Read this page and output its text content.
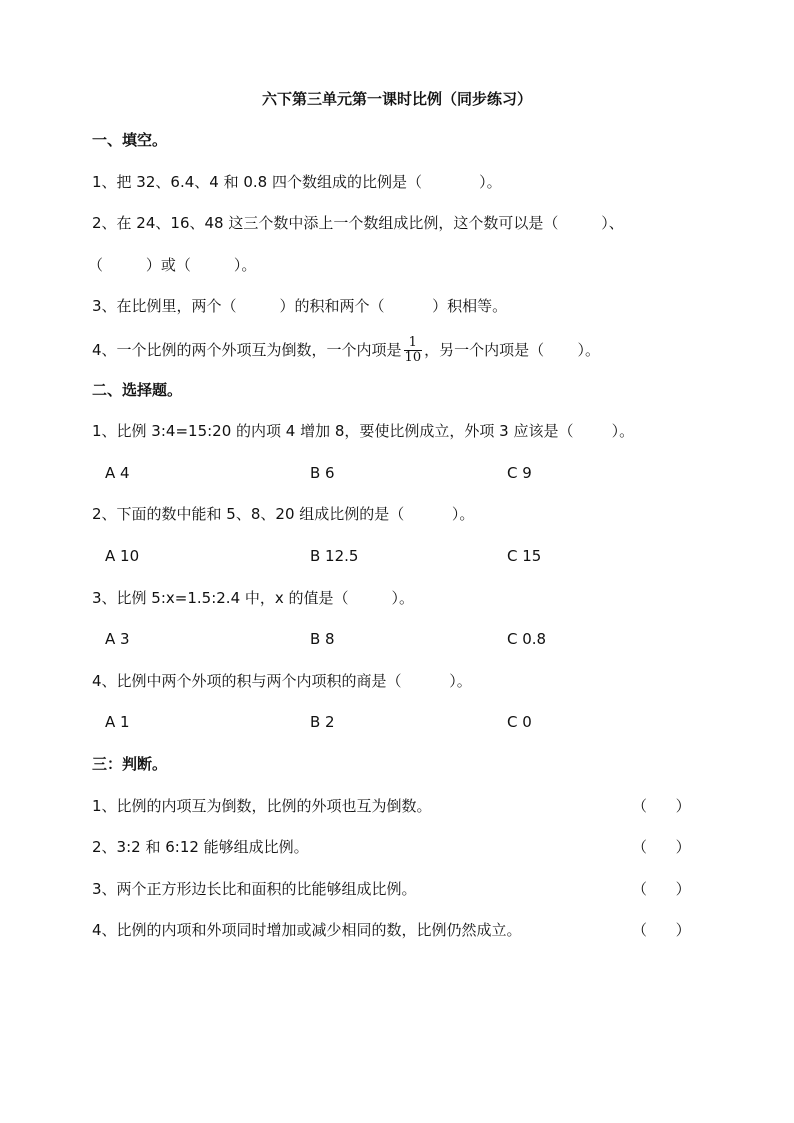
六下第三单元第一课时比例（同步练习）
一、填空。
1、把 32、6.4、4 和 0.8 四个数组成的比例是（            ）。
2、在 24、16、48 这三个数中添上一个数组成比例，这个数可以是（         ）、
（         ）或（         ）。
3、在比例里，两个（         ）的积和两个（          ）积相等。
4、一个比例的两个外项互为倒数，一个内项是 $\frac{1}{10}$ ，另一个内项是（       ）。
二、选择题。
1、比例 3:4=15:20 的内项 4 增加 8，要使比例成立，外项 3 应该是（        ）。
A 4	B 6	C 9
2、下面的数中能和 5、8、20 组成比例的是（          ）。
A 10	B 12.5	C 15
3、比例 5:x=1.5:2.4 中，x 的值是（         ）。
A 3	B 8	C 0.8
4、比例中两个外项的积与两个内项积的商是（          ）。
A 1	B 2	C 0
三：判断。
1、比例的内项互为倒数，比例的外项也互为倒数。	（      ）
2、3:2 和 6:12 能够组成比例。	（      ）
3、两个正方形边长比和面积的比能够组成比例。	（      ）
4、比例的内项和外项同时增加或减少相同的数，比例仍然成立。	（      ）
